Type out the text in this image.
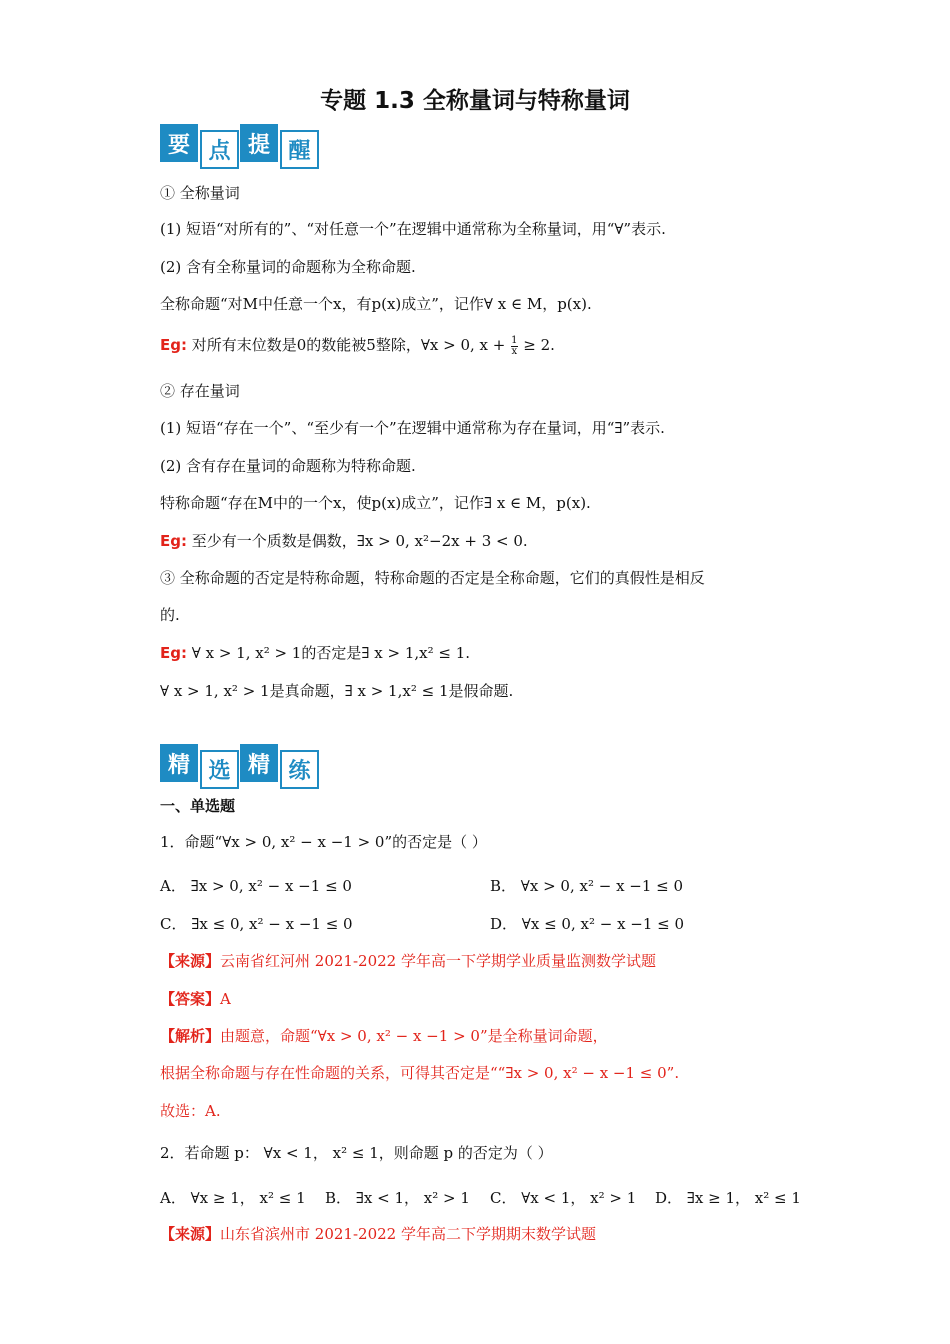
专题 1.3 全称量词与特称量词
要 点 提 醒
① 全称量词
(1) 短语“对所有的”、“对任意一个”在逻辑中通常称为全称量词，用“∀”表示.
(2) 含有全称量词的命题称为全称命题.
全称命题“对M中任意一个x，有p(x)成立”，记作∀ x ∈ M，p(x).
Eg: 对所有末位数是0的数能被5整除，∀x > 0, $x + \frac{1}{x} \ge 2$.
② 存在量词
(1) 短语“存在一个”、“至少有一个”在逻辑中通常称为存在量词，用“∃”表示.
(2) 含有存在量词的命题称为特称命题.
特称命题“存在M中的一个x，使p(x)成立”，记作∃ x ∈ M，p(x).
Eg: 至少有一个质数是偶数，∃x > 0, x²−2x + 3 < 0.
③ 全称命题的否定是特称命题，特称命题的否定是全称命题，它们的真假性是相反
的.
Eg: ∀ x > 1, x² > 1的否定是∃ x > 1,x² ≤ 1.
∀ x > 1, x² > 1是真命题，∃ x > 1,x² ≤ 1是假命题.
精 选 精 练
一、单选题
1．命题“∀x > 0, x² − x −1 > 0”的否定是（ ）
A． ∃x > 0, x² − x −1 ≤ 0	B． ∀x > 0, x² − x −1 ≤ 0
C． ∃x ≤ 0, x² − x −1 ≤ 0	D． ∀x ≤ 0, x² − x −1 ≤ 0
【来源】云南省红河州 2021-2022 学年高一下学期学业质量监测数学试题
【答案】A
【解析】由题意，命题“∀x > 0, x² − x −1 > 0”是全称量词命题，
根据全称命题与存在性命题的关系，可得其否定是““∃x > 0, x² − x −1 ≤ 0”.
故选：A.
2．若命题 p： ∀x < 1， x² ≤ 1，则命题 p 的否定为（ ）
A． ∀x ≥ 1， x² ≤ 1 B． ∃x < 1， x² > 1 C． ∀x < 1， x² > 1 D． ∃x ≥ 1， x² ≤ 1
【来源】山东省滨州市 2021-2022 学年高二下学期期末数学试题
